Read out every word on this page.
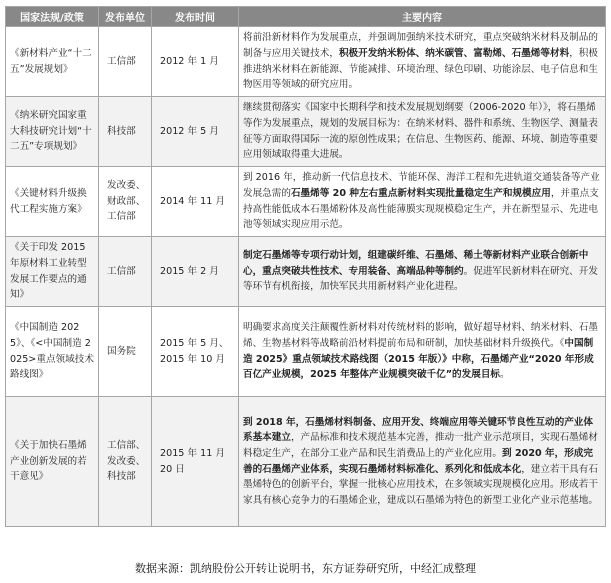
国家法规/政策	发布单位	发布时间	主要内容
《新材料产业“十二五”发展规划》	工信部	2012 年 1 月	将前沿新材料作为发展重点，并强调加强纳米技术研究，重点突破纳米材料及制品的制备与应用关键技术，积极开发纳米粉体、纳米碳管、富勒烯、石墨烯等材料，积极推进纳米材料在新能源、节能减排、环境治理、绿色印刷、功能涂层、电子信息和生物医用等领域的研究应用。
《纳米研究国家重大科技研究计划“十二五”专项规划》	科技部	2012 年 5 月	继续贯彻落实《国家中长期科学和技术发展规划纲要（2006-2020 年）》，将石墨烯等作为发展重点，规划的发展目标为：在纳米材料、器件和系统、生物医学、测量表征等方面取得国际一流的原创性成果；在信息、生物医药、能源、环境、制造等重要应用领域取得重大进展。
《关键材料升级换代工程实施方案》	发改委、财政部、工信部	2014 年 11 月	到 2016 年，推动新一代信息技术、节能环保、海洋工程和先进轨道交通装备等产业发展急需的石墨烯等 20 种左右重点新材料实现批量稳定生产和规模应用，并重点支持高性能低成本石墨烯粉体及高性能薄膜实现规模稳定生产，并在新型显示、先进电池等领域实现应用示范。
《关于印发 2015 年原材料工业转型发展工作要点的通知》	工信部	2015 年 2 月	制定石墨烯等专项行动计划，组建碳纤维、石墨烯、稀土等新材料产业联合创新中心，重点突破共性技术、专用装备、高端品种等制约。促进军民新材料在研究、开发等环节有机衔接，加快军民共用新材料产业化进程。
《中国制造 2025》、《<中国制造 2025>重点领域技术路线图》	国务院	2015 年 5 月、2015 年 10 月	明确要求高度关注颠覆性新材料对传统材料的影响，做好超导材料、纳米材料、石墨烯、生物基材料等战略前沿材料提前布局和研制，加快基础材料升级换代。《中国制造 2025》重点领域技术路线图（2015 年版）》中称，石墨烯产业“2020 年形成百亿产业规模，2025 年整体产业规模突破千亿”的发展目标。
《关于加快石墨烯产业创新发展的若干意见》	工信部、发改委、科技部	2015 年 11 月 20 日	到 2018 年，石墨烯材料制备、应用开发、终端应用等关键环节良性互动的产业体系基本建立，产品标准和技术规范基本完善，推动一批产业示范项目，实现石墨烯材料稳定生产，在部分工业产品和民生消费品上的产业化应用。到 2020 年，形成完善的石墨烯产业体系，实现石墨烯材料标准化、系列化和低成本化，建立若干具有石墨烯特色的创新平台，掌握一批核心应用技术，在多领域实现规模化应用。形成若干家具有核心竞争力的石墨烯企业，建成以石墨烯为特色的新型工业化产业示范基地。
数据来源：凯纳股份公开转让说明书，东方证券研究所，中经汇成整理
